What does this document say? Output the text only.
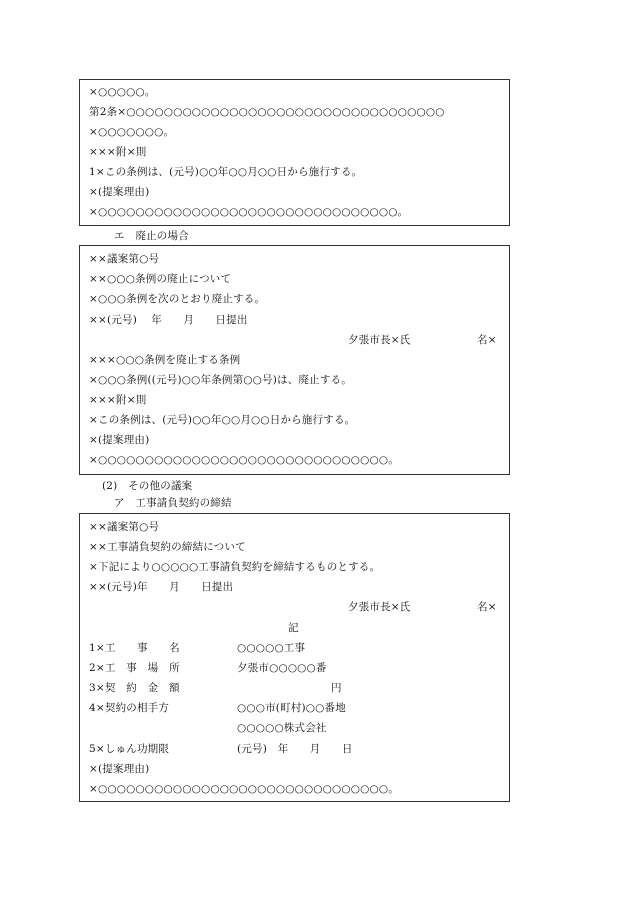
×○○○○○。
第2条×○○○○○○○○○○○○○○○○○○○○○○○○○○○○○○○○○○
×○○○○○○○。
×××附×則
1×この条例は、(元号)○○年○○月○○日から施行する。
×(提案理由)
×○○○○○○○○○○○○○○○○○○○○○○○○○○○○○○○○。
エ　廃止の場合
××議案第○号
××○○○条例の廃止について
×○○○条例を次のとおり廃止する。
××(元号)　 年　　月　　日提出
夕張市長×氏	名×
×××○○○条例を廃止する条例
×○○○条例((元号)○○年条例第○○号)は、廃止する。
×××附×則
×この条例は、(元号)○○年○○月○○日から施行する。
×(提案理由)
×○○○○○○○○○○○○○○○○○○○○○○○○○○○○○○○。
(2)　その他の議案
ア　工事請負契約の締結
××議案第○号
××工事請負契約の締結について
×下記により○○○○○工事請負契約を締結するものとする。
××(元号)年　　月　　日提出
夕張市長×氏	名×
記
1×工　　事　　名	○○○○○工事
2×工　事　場　所	夕張市○○○○○番
3×契　約　金　額	円
4×契約の相手方	○○○市(町村)○○番地
○○○○○株式会社
5×しゅん功期限	(元号)　年　　月　　日
×(提案理由)
×○○○○○○○○○○○○○○○○○○○○○○○○○○○○○○○。
